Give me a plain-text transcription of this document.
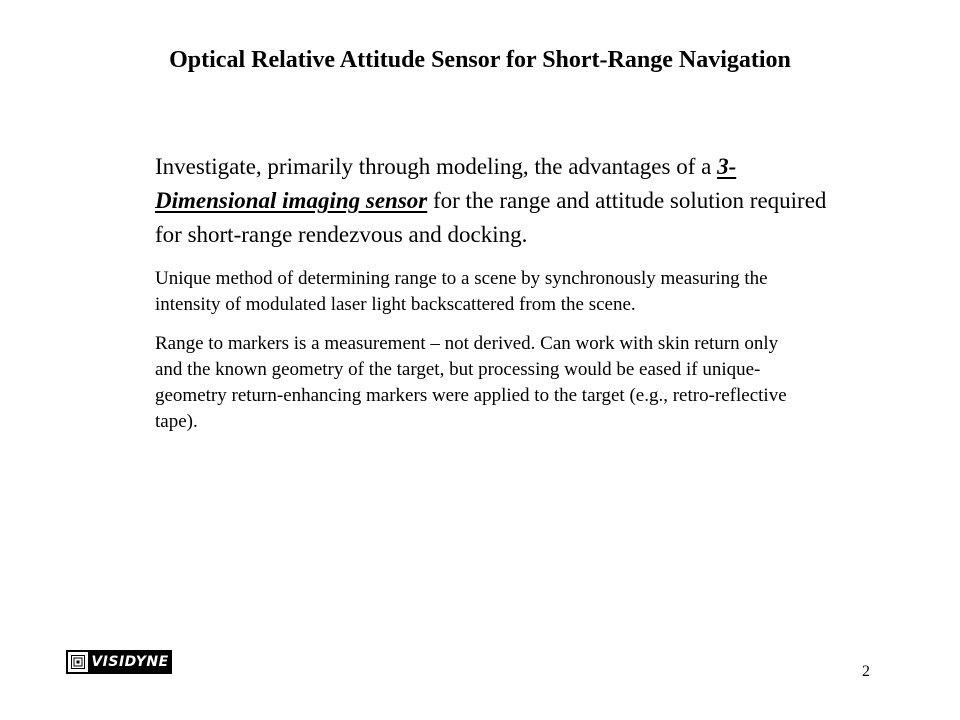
Optical Relative Attitude Sensor for Short-Range Navigation

Investigate, primarily through modeling, the advantages of a 3-Dimensional imaging sensor for the range and attitude solution required for short-range rendezvous and docking.

Unique method of determining range to a scene by synchronously measuring the intensity of modulated laser light backscattered from the scene.

Range to markers is a measurement – not derived. Can work with skin return only and the known geometry of the target, but processing would be eased if unique-geometry return-enhancing markers were applied to the target (e.g., retro-reflective tape).

VISIDYNE
2
